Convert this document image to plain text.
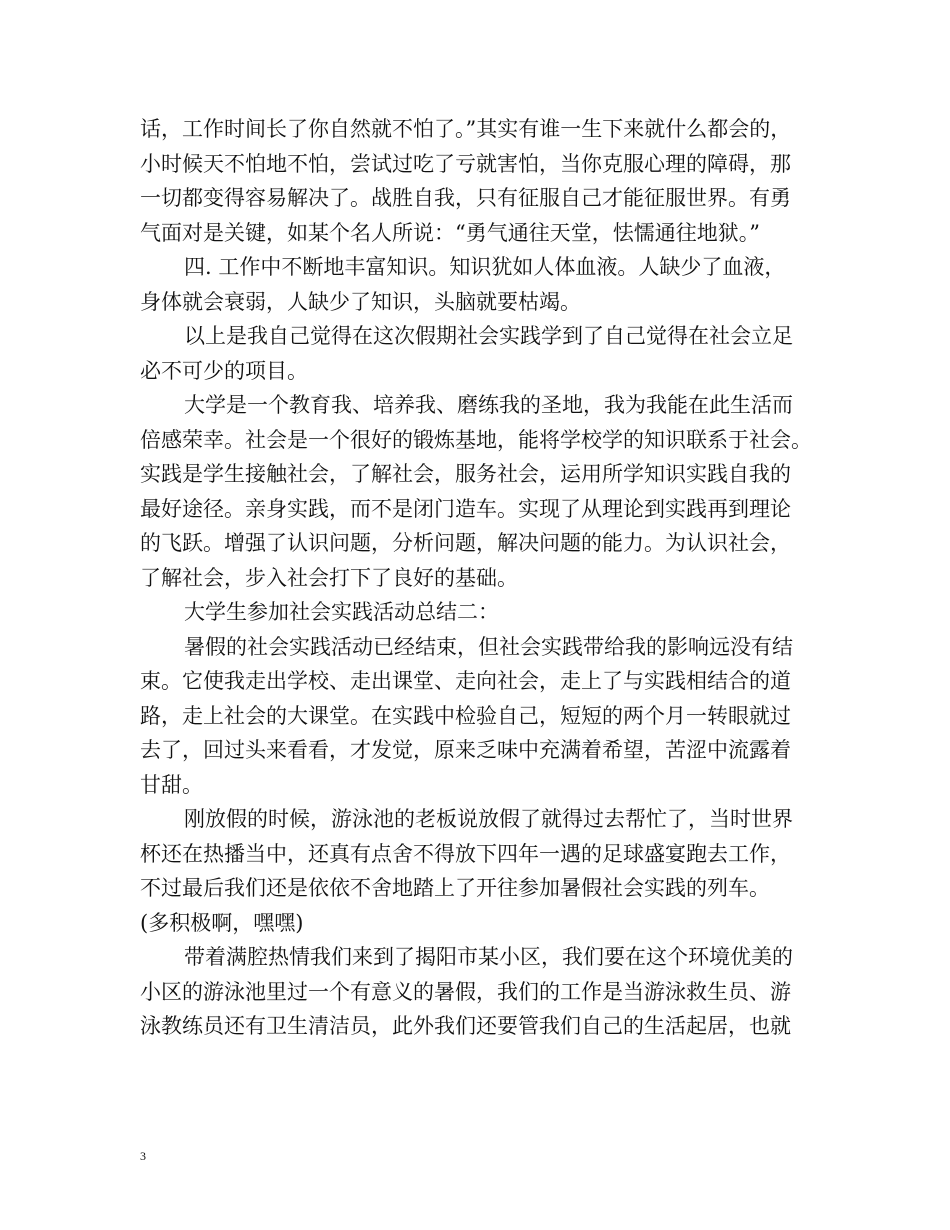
话，工作时间长了你自然就不怕了。”其实有谁一生下来就什么都会的，
小时候天不怕地不怕，尝试过吃了亏就害怕，当你克服心理的障碍，那
一切都变得容易解决了。战胜自我，只有征服自己才能征服世界。有勇
气面对是关键，如某个名人所说：“勇气通往天堂，怯懦通往地狱。”
四. 工作中不断地丰富知识。知识犹如人体血液。人缺少了血液，
身体就会衰弱，人缺少了知识，头脑就要枯竭。
以上是我自己觉得在这次假期社会实践学到了自己觉得在社会立足
必不可少的项目。
大学是一个教育我、培养我、磨练我的圣地，我为我能在此生活而
倍感荣幸。社会是一个很好的锻炼基地，能将学校学的知识联系于社会。
实践是学生接触社会，了解社会，服务社会，运用所学知识实践自我的
最好途径。亲身实践，而不是闭门造车。实现了从理论到实践再到理论
的飞跃。增强了认识问题，分析问题，解决问题的能力。为认识社会，
了解社会，步入社会打下了良好的基础。
大学生参加社会实践活动总结二：
暑假的社会实践活动已经结束，但社会实践带给我的影响远没有结
束。它使我走出学校、走出课堂、走向社会，走上了与实践相结合的道
路，走上社会的大课堂。在实践中检验自己，短短的两个月一转眼就过
去了，回过头来看看，才发觉，原来乏味中充满着希望，苦涩中流露着
甘甜。
刚放假的时候，游泳池的老板说放假了就得过去帮忙了，当时世界
杯还在热播当中，还真有点舍不得放下四年一遇的足球盛宴跑去工作，
不过最后我们还是依依不舍地踏上了开往参加暑假社会实践的列车。
(多积极啊，嘿嘿)
带着满腔热情我们来到了揭阳市某小区，我们要在这个环境优美的
小区的游泳池里过一个有意义的暑假，我们的工作是当游泳救生员、游
泳教练员还有卫生清洁员，此外我们还要管我们自己的生活起居，也就
3
